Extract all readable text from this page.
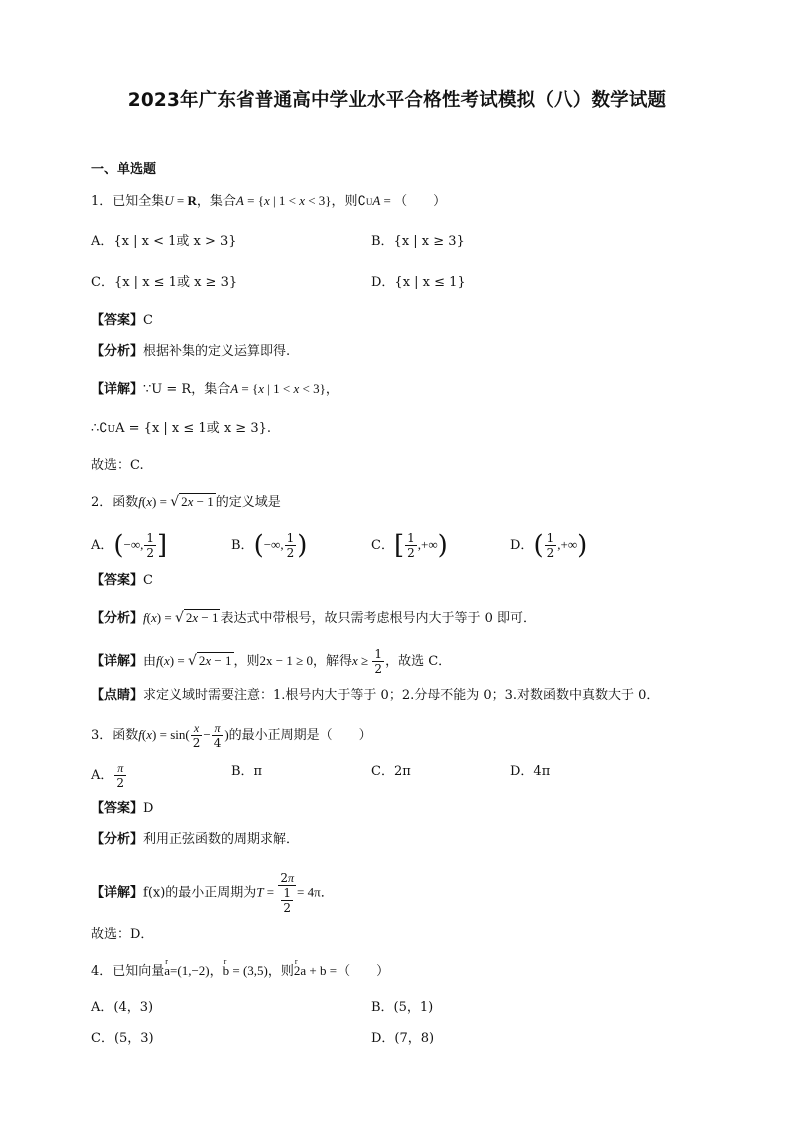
2023年广东省普通高中学业水平合格性考试模拟（八）数学试题
一、单选题
1．已知全集U = R，集合A = {x | 1 < x < 3}，则∁UA = （　　）
A．{x | x < 1或 x > 3}	B．{x | x ≥ 3}
C．{x | x ≤ 1或 x ≥ 3}	D．{x | x ≤ 1}
【答案】C
【分析】根据补集的定义运算即得.
【详解】∵U = R，集合A = {x | 1 < x < 3}，
∴∁UA = {x | x ≤ 1或 x ≥ 3}.
故选：C.
2．函数f(x) = √ 2x − 1 的定义域是
A．(−∞, $\frac{1}{2}$ ]	B．(−∞, $\frac{1}{2}$ )	C．[ $\frac{1}{2}$ ,+∞)	D．( $\frac{1}{2}$ ,+∞)
【答案】C
【分析】f(x) = √ 2x − 1 表达式中带根号，故只需考虑根号内大于等于 0 即可．
【详解】由f(x) = √ 2x − 1 ，则2x − 1 ≥ 0，解得$x \ge \frac{1}{2}$ ，故选 C．
【点睛】求定义域时需要注意：1.根号内大于等于 0；2.分母不能为 0；3.对数函数中真数大于 0．
3．函数$f(x) = \sin( \frac{x}{2} - \frac{\pi}{4}$ )的最小正周期是（　　）
A． $\frac{\pi}{2}$	B．π	C．2π	D．4π
【答案】D
【分析】利用正弦函数的周期求解．
【详解】f(x)的最小正周期为$T = \frac{2\pi}{\frac{1}{2}} = 4\pi$．
故选：D．
4．已知向量r a=(1,−2)，r b = (3,5)，则r 2a + b =（　　）
A．(4，3)	B．(5，1)
C．(5，3)	D．(7，8)
